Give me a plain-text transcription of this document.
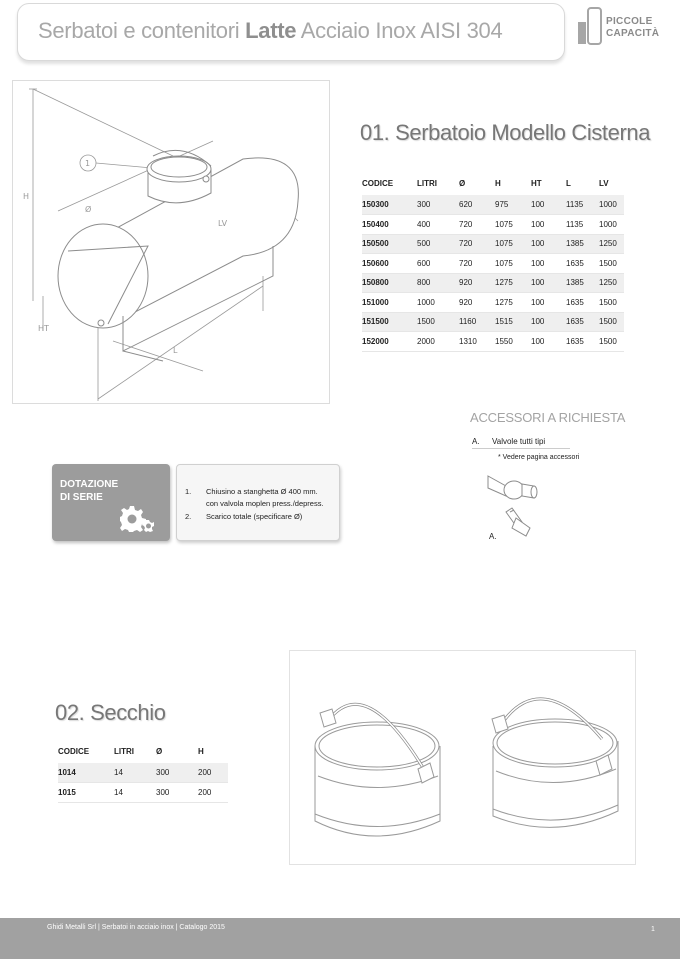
Serbatoi e contenitori Latte Acciaio Inox AISI 304	PICCOLE
CAPACITÀ
H
HT
LV
L
Ø
1
01. Serbatoio Modello Cisterna
CODICE	LITRI	Ø	H	HT	L	LV
150300	300	620	975	100	1135	1000
150400	400	720	1075	100	1135	1000
150500	500	720	1075	100	1385	1250
150600	600	720	1075	100	1635	1500
150800	800	920	1275	100	1385	1250
151000	1000	920	1275	100	1635	1500
151500	1500	1160	1515	100	1635	1500
152000	2000	1310	1550	100	1635	1500
ACCESSORI A RICHIESTA
A. Valvole tutti tipi
* Vedere pagina accessori
A.
DOTAZIONE
DI SERIE
1. Chiusino a stanghetta Ø 400 mm.
con valvola moplen press./depress.
2. Scarico totale (specificare Ø)
02. Secchio
CODICE	LITRI	Ø	H
1014	14	300	200
1015	14	300	200
Ghidi Metalli Srl | Serbatoi in acciaio inox | Catalogo 2015	1
